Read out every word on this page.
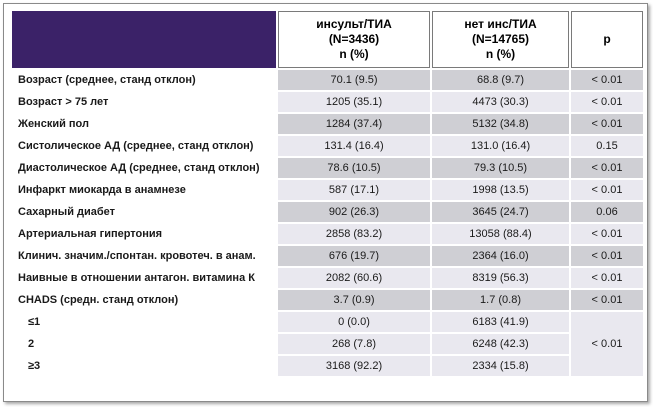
	инсульт/ТИА
(N=3436)
n (%)	нет инс/ТИА
(N=14765)
n (%)	p
Возраст (среднее, станд отклон)	70.1 (9.5)	68.8 (9.7)	< 0.01
Возраст > 75 лет	1205 (35.1)	4473 (30.3)	< 0.01
Женский пол	1284 (37.4)	5132 (34.8)	< 0.01
Систолическое АД (среднее, станд отклон)	131.4 (16.4)	131.0 (16.4)	0.15
Диастолическое АД (среднее, станд отклон)	78.6 (10.5)	79.3 (10.5)	< 0.01
Инфаркт миокарда в анамнезе	587 (17.1)	1998 (13.5)	< 0.01
Сахарный диабет	902 (26.3)	3645 (24.7)	0.06
Артериальная гипертония	2858 (83.2)	13058 (88.4)	< 0.01
Клинич. значим./спонтан. кровотеч. в анам.	676 (19.7)	2364 (16.0)	< 0.01
Наивные в отношении антагон. витамина К	2082 (60.6)	8319 (56.3)	< 0.01
CHADS (средн. станд отклон)	3.7 (0.9)	1.7 (0.8)	< 0.01
≤1	0 (0.0)	6183 (41.9)	< 0.01
2	268 (7.8)	6248 (42.3)	
≥3	3168 (92.2)	2334 (15.8)	
